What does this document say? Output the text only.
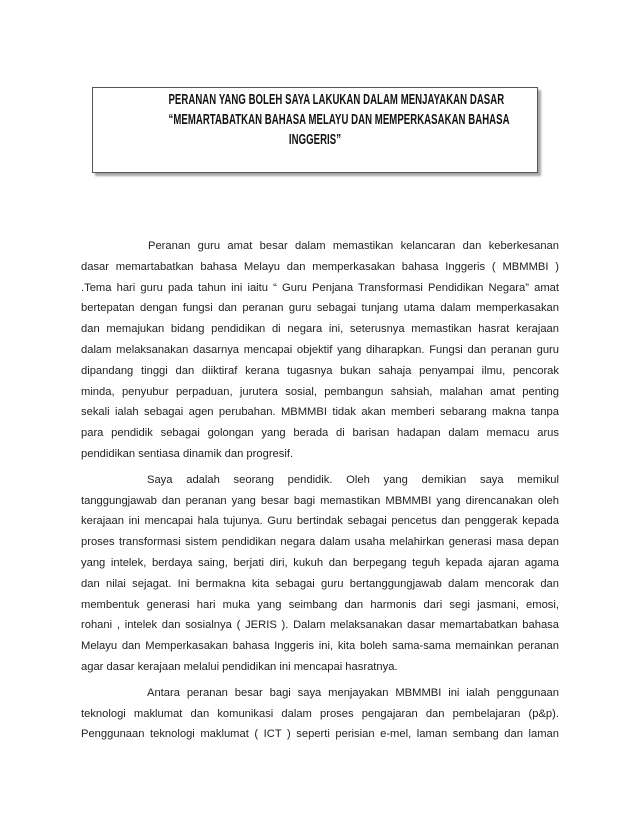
PERANAN YANG BOLEH SAYA LAKUKAN DALAM MENJAYAKAN DASAR
“MEMARTABATKAN BAHASA MELAYU DAN MEMPERKASAKAN BAHASA
INGGERIS”
Peranan guru amat besar dalam memastikan kelancaran dan keberkesanan
dasar memartabatkan bahasa Melayu dan memperkasakan bahasa Inggeris ( MBMMBI )
.Tema hari guru pada tahun ini iaitu “ Guru Penjana Transformasi Pendidikan Negara” amat
bertepatan dengan fungsi dan peranan guru sebagai tunjang utama dalam memperkasakan
dan memajukan bidang pendidikan di negara ini, seterusnya memastikan hasrat kerajaan
dalam melaksanakan dasarnya mencapai objektif yang diharapkan. Fungsi dan peranan guru
dipandang tinggi dan diiktiraf kerana tugasnya bukan sahaja penyampai ilmu, pencorak
minda, penyubur perpaduan, jurutera sosial, pembangun sahsiah, malahan amat penting
sekali ialah sebagai agen perubahan. MBMMBI tidak akan memberi sebarang makna tanpa
para pendidik sebagai golongan yang berada di barisan hadapan dalam memacu arus
pendidikan sentiasa dinamik dan progresif.
Saya adalah seorang pendidik. Oleh yang demikian saya memikul
tanggungjawab dan peranan yang besar bagi memastikan MBMMBI yang direncanakan oleh
kerajaan ini mencapai hala tujunya. Guru bertindak sebagai pencetus dan penggerak kepada
proses transformasi sistem pendidikan negara dalam usaha melahirkan generasi masa depan
yang intelek, berdaya saing, berjati diri, kukuh dan berpegang teguh kepada ajaran agama
dan nilai sejagat. Ini bermakna kita sebagai guru bertanggungjawab dalam mencorak dan
membentuk generasi hari muka yang seimbang dan harmonis dari segi jasmani, emosi,
rohani , intelek dan sosialnya ( JERIS ). Dalam melaksanakan dasar memartabatkan bahasa
Melayu dan Memperkasakan bahasa Inggeris ini, kita boleh sama-sama memainkan peranan
agar dasar kerajaan melalui pendidikan ini mencapai hasratnya.
Antara peranan besar bagi saya menjayakan MBMMBI ini ialah penggunaan
teknologi maklumat dan komunikasi dalam proses pengajaran dan pembelajaran (p&p).
Penggunaan teknologi maklumat ( ICT ) seperti perisian e-mel, laman sembang dan laman
